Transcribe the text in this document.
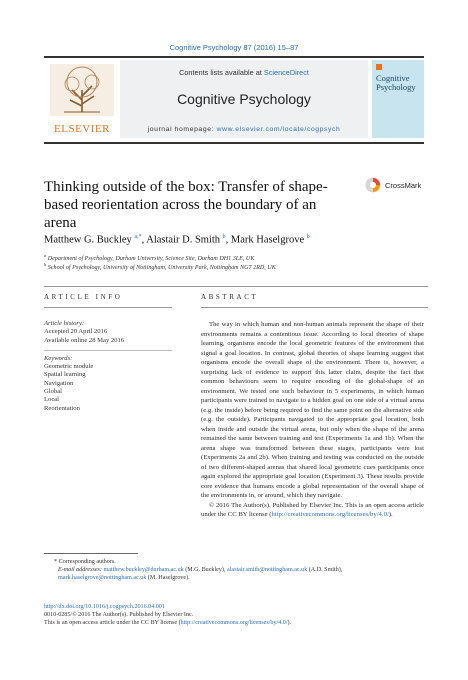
Cognitive Psychology 87 (2016) 15–87
ELSEVIER
Contents lists available at ScienceDirect
Cognitive Psychology
journal homepage: www.elsevier.com/locate/cogpsych
Cognitive Psychology
Thinking outside of the box: Transfer of shape-based reorientation across the boundary of an arena
CrossMark
Matthew G. Buckley $^{a,*}$, Alastair D. Smith $^b$, Mark Haselgrove $^b$
$^a$ Department of Psychology, Durham University, Science Site, Durham DH1 3LE, UK
$^b$ School of Psychology, University of Nottingham, University Park, Nottingham NG7 2RD, UK
ARTICLE INFO	ABSTRACT
Article history:
Accepted 20 April 2016
Available online 28 May 2016
Keywords:
Geometric module
Spatial learning
Navigation
Global
Local
Reorientation

The way in which human and non-human animals represent the shape of their environments remains a contentious issue. According to local theories of shape learning, organisms encode the local geometric features of the environment that signal a goal location. In contrast, global theories of shape learning suggest that organisms encode the overall shape of the environment. There is, however, a surprising lack of evidence to support this latter claim, despite the fact that common behaviours seem to require encoding of the global-shape of an environment. We tested one such behaviour in 5 experiments, in which human participants were trained to navigate to a hidden goal on one side of a virtual arena (e.g. the inside) before being required to find the same point on the alternative side (e.g. the outside). Participants navigated to the appropriate goal location, both when inside and outside the virtual arena, but only when the shape of the arena remained the same between training and test (Experiments 1a and 1b). When the arena shape was transformed between these stages, participants were lost (Experiments 2a and 2b). When training and testing was conducted on the outside of two different-shaped arenas that shared local geometric cues participants once again explored the appropriate goal location (Experiment 3). These results provide core evidence that humans encode a global representation of the overall shape of the environments in, or around, which they navigate.

© 2016 The Author(s). Published by Elsevier Inc. This is an open access article under the CC BY license (http://creativecommons.org/licenses/by/4.0/).

* Corresponding authors.
E-mail addresses: matthew.buckley@durham.ac.uk (M.G. Buckley), alastair.smith@nottingham.ac.uk (A.D. Smith), mark.haselgrove@nottingham.ac.uk (M. Haselgrove).
http://dx.doi.org/10.1016/j.cogpsych.2016.04.001
0010-0285/© 2016 The Author(s). Published by Elsevier Inc.
This is an open access article under the CC BY license (http://creativecommons.org/licenses/by/4.0/).
